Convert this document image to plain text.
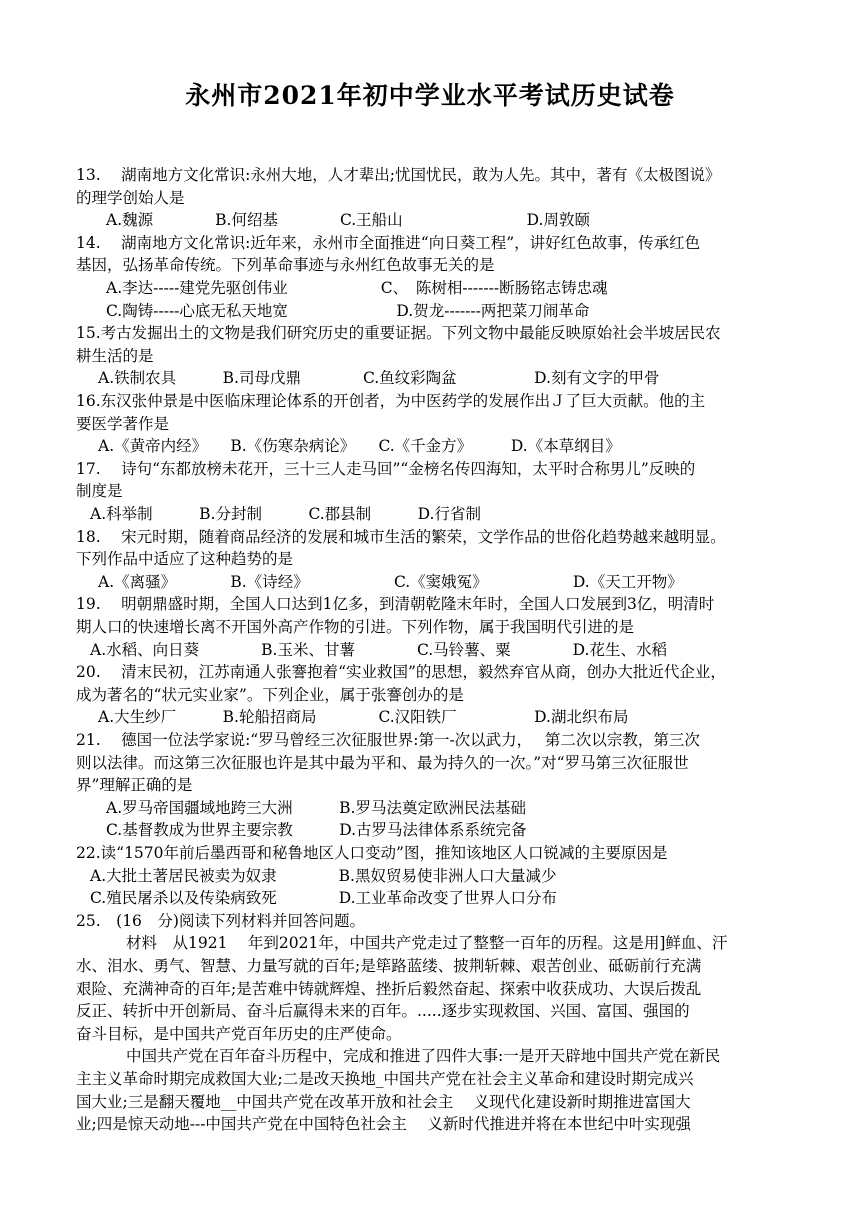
永州市2021年初中学业水平考试历史试卷
13.　 湖南地方文化常识:永州大地，人才辈出;忧国忧民，敢为人先。其中，著有《太极图说》
的理学创始人是
A.魏源　　　　B.何绍基　　　　C.王船山　　　　　　　　D.周敦颐
14.　 湖南地方文化常识:近年来，永州市全面推进“向日葵工程”，讲好红色故事，传承红色
基因，弘扬革命传统。下列革命事迹与永州红色故事无关的是
A.李达-----建党先驱创伟业　　　　　　C、　陈树相-------断肠铭志铸忠魂
C.陶铸-----心底无私天地宽　　　　　　　D.贺龙-------两把菜刀闹革命
15.考古发掘出土的文物是我们研究历史的重要证据。下列文物中最能反映原始社会半坡居民农
耕生活的是
A.铁制农具　　　B.司母戊鼎　　　　C.鱼纹彩陶盆　　　　　D.刻有文字的甲骨
16.东汉张仲景是中医临床理论体系的开创者，为中医药学的发展作出Ｊ了巨大贡献。他的主
要医学著作是
A.《黄帝内经》　　B.《伤寒杂病论》　　C.《千金方》　　　D.《本草纲目》
17.　 诗句“东都放榜未花开，三十三人走马回”“金榜名传四海知，太平时合称男儿”反映的
制度是
A.科举制　　　B.分封制　　　C.郡县制　　　D.行省制
18.　 宋元时期，随着商品经济的发展和城市生活的繁荣，文学作品的世俗化趋势越来越明显。
下列作品中适应了这种趋势的是
A.《离骚》　　　　B.《诗经》　　　　　　C.《窦娥冤》　　　　　　D.《天工开物》
19.　 明朝鼎盛时期，全国人口达到1亿多，到清朝乾隆末年时，全国人口发展到3亿，明清时
期人口的快速增长离不开国外高产作物的引进。下列作物，属于我国明代引进的是
A.水稻、向日葵　　　　B.玉米、甘薯　　　　C.马铃薯、粟　　　　D.花生、水稻
20.　 清末民初，江苏南通人张謇抱着“实业救国”的思想，毅然弃官从商，创办大批近代企业，
成为著名的“状元实业家”。下列企业，属于张謇创办的是
A.大生纱厂　　　B.轮船招商局　　　　C.汉阳铁厂　　　　　D.湖北织布局
21.　 德国一位法学家说:“罗马曾经三次征服世界:第一-次以武力，　 第二次以宗教，第三次
则以法律。而这第三次征服也许是其中最为平和、最为持久的一次。”对“罗马第三次征服世
界”理解正确的是
A.罗马帝国疆域地跨三大洲　　　B.罗马法奠定欧洲民法基础
C.基督教成为世界主要宗教　　　D.古罗马法律体系系统完备
22.读“1570年前后墨西哥和秘鲁地区人口变动”图，推知该地区人口锐减的主要原因是
A.大批土著居民被卖为奴隶　　　　B.黑奴贸易使非洲人口大量减少
C.殖民屠杀以及传染病致死　　　　D.工业革命改变了世界人口分布
25.　(16　分)阅读下列材料并回答问题。
材料　从1921　 年到2021年，中国共产党走过了整整一百年的历程。这是用]鲜血、汗
水、泪水、勇气、智慧、力量写就的百年;是筚路蓝缕、披荆斩棘、艰苦创业、砥砺前行充满
艰险、充满神奇的百年;是苦难中铸就辉煌、挫折后毅然奋起、探索中收获成功、大误后拨乱
反正、转折中开创新局、奋斗后赢得未来的百年。.....逐步实现救国、兴国、富国、强国的
奋斗目标，是中国共产党百年历史的庄严使命。
中国共产党在百年奋斗历程中，完成和推进了四件大事:一是开天辟地中国共产党在新民
主主义革命时期完成救国大业;二是改天换地_中国共产党在社会主义革命和建设时期完成兴
国大业;三是翻天覆地__中国共产党在改革开放和社会主　 义现代化建设新时期推进富国大
业;四是惊天动地---中国共产党在中国特色社会主　 义新时代推进并将在本世纪中叶实现强
